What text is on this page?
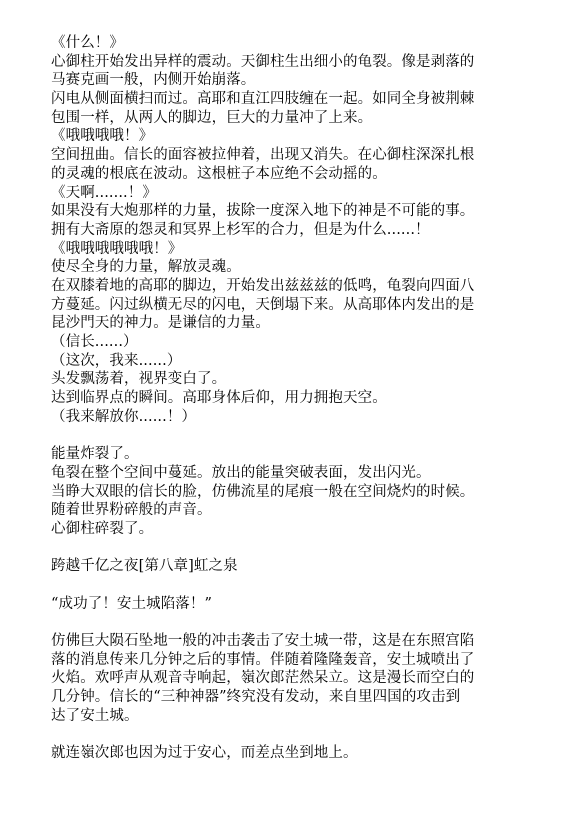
《什么！》
心御柱开始发出异样的震动。天御柱生出细小的龟裂。像是剥落的
马赛克画一般，内侧开始崩落。
闪电从侧面横扫而过。高耶和直江四肢缠在一起。如同全身被荆棘
包围一样，从两人的脚边，巨大的力量冲了上来。
《哦哦哦哦！》
空间扭曲。信长的面容被拉伸着，出现又消失。在心御柱深深扎根
的灵魂的根底在波动。这根桩子本应绝不会动摇的。
《天啊.......！》
如果没有大炮那样的力量，拔除一度深入地下的神是不可能的事。
拥有大斋原的怨灵和冥界上杉军的合力，但是为什么......！
《哦哦哦哦哦哦！》
使尽全身的力量，解放灵魂。
在双膝着地的高耶的脚边，开始发出兹兹兹的低鸣，龟裂向四面八
方蔓延。闪过纵横无尽的闪电，天倒塌下来。从高耶体内发出的是
昆沙門天的神力。是谦信的力量。
（信长......）
（这次，我来......）
头发飘荡着，视界变白了。
达到临界点的瞬间。高耶身体后仰，用力拥抱天空。
（我来解放你......！）
能量炸裂了。
龟裂在整个空间中蔓延。放出的能量突破表面，发出闪光。
当睁大双眼的信长的脸，仿佛流星的尾痕一般在空间烧灼的时候。
随着世界粉碎般的声音。
心御柱碎裂了。
跨越千亿之夜[第八章]虹之泉
“成功了！安土城陷落！”
仿佛巨大陨石坠地一般的冲击袭击了安土城一带，这是在东照宫陷
落的消息传来几分钟之后的事情。伴随着隆隆轰音，安土城喷出了
火焰。欢呼声从观音寺响起，嶺次郎茫然呆立。这是漫长而空白的
几分钟。信长的“三种神器”终究没有发动，来自里四国的攻击到
达了安土城。
就连嶺次郎也因为过于安心，而差点坐到地上。
